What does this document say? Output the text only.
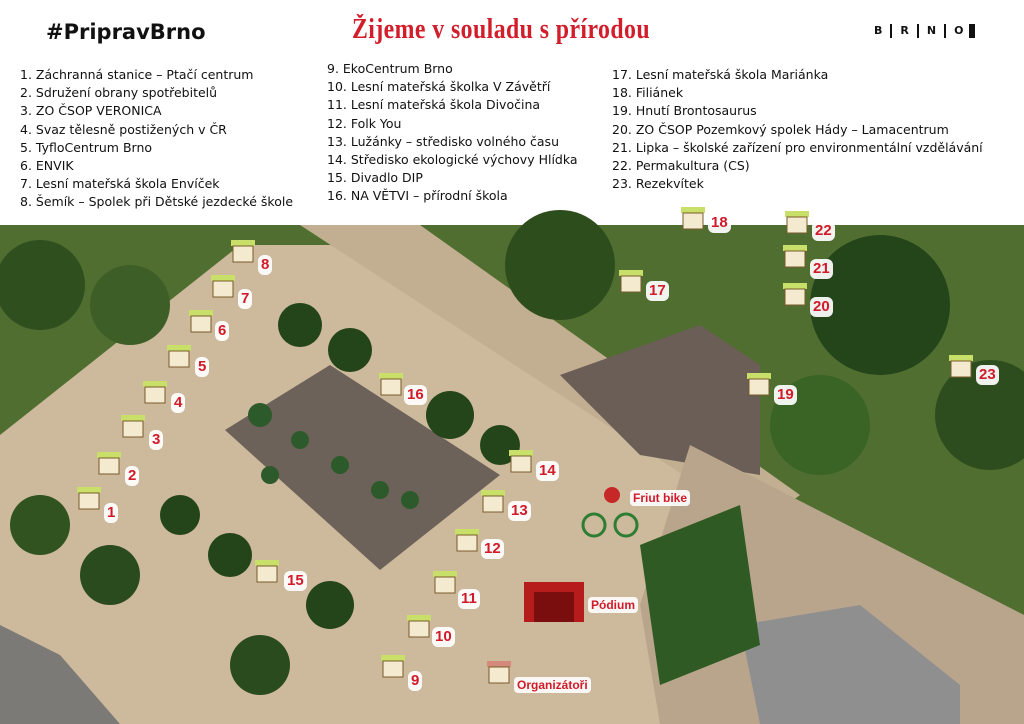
#PripravBrno	Žijeme v souladu s přírodou	B	R	N	O
1. Záchranná stanice – Ptačí centrum
2. Sdružení obrany spotřebitelů
3. ZO ČSOP VERONICA
4. Svaz tělesně postižených v ČR
5. TyfloCentrum Brno
6. ENVIK
7. Lesní mateřská škola Envíček
8. Šemík – Spolek při Dětské jezdecké škole
9. EkoCentrum Brno
10. Lesní mateřská školka V Závětří
11. Lesní mateřská škola Divočina
12. Folk You
13. Lužánky – středisko volného času
14. Středisko ekologické výchovy Hlídka
15. Divadlo DIP
16. NA VĚTVI – přírodní škola
17. Lesní mateřská škola Mariánka
18. Filiánek
19. Hnutí Brontosaurus
20. ZO ČSOP Pozemkový spolek Hády – Lamacentrum
21. Lipka – školské zařízení pro environmentální vzdělávání
22. Permakultura (CS)
23. Rezekvítek
1
2
3
4
5
6
7
8
9
10
11
12
13
14
15
16
17
18
19
20
21
22
23
Friut bike
Pódium
Organizátoři
